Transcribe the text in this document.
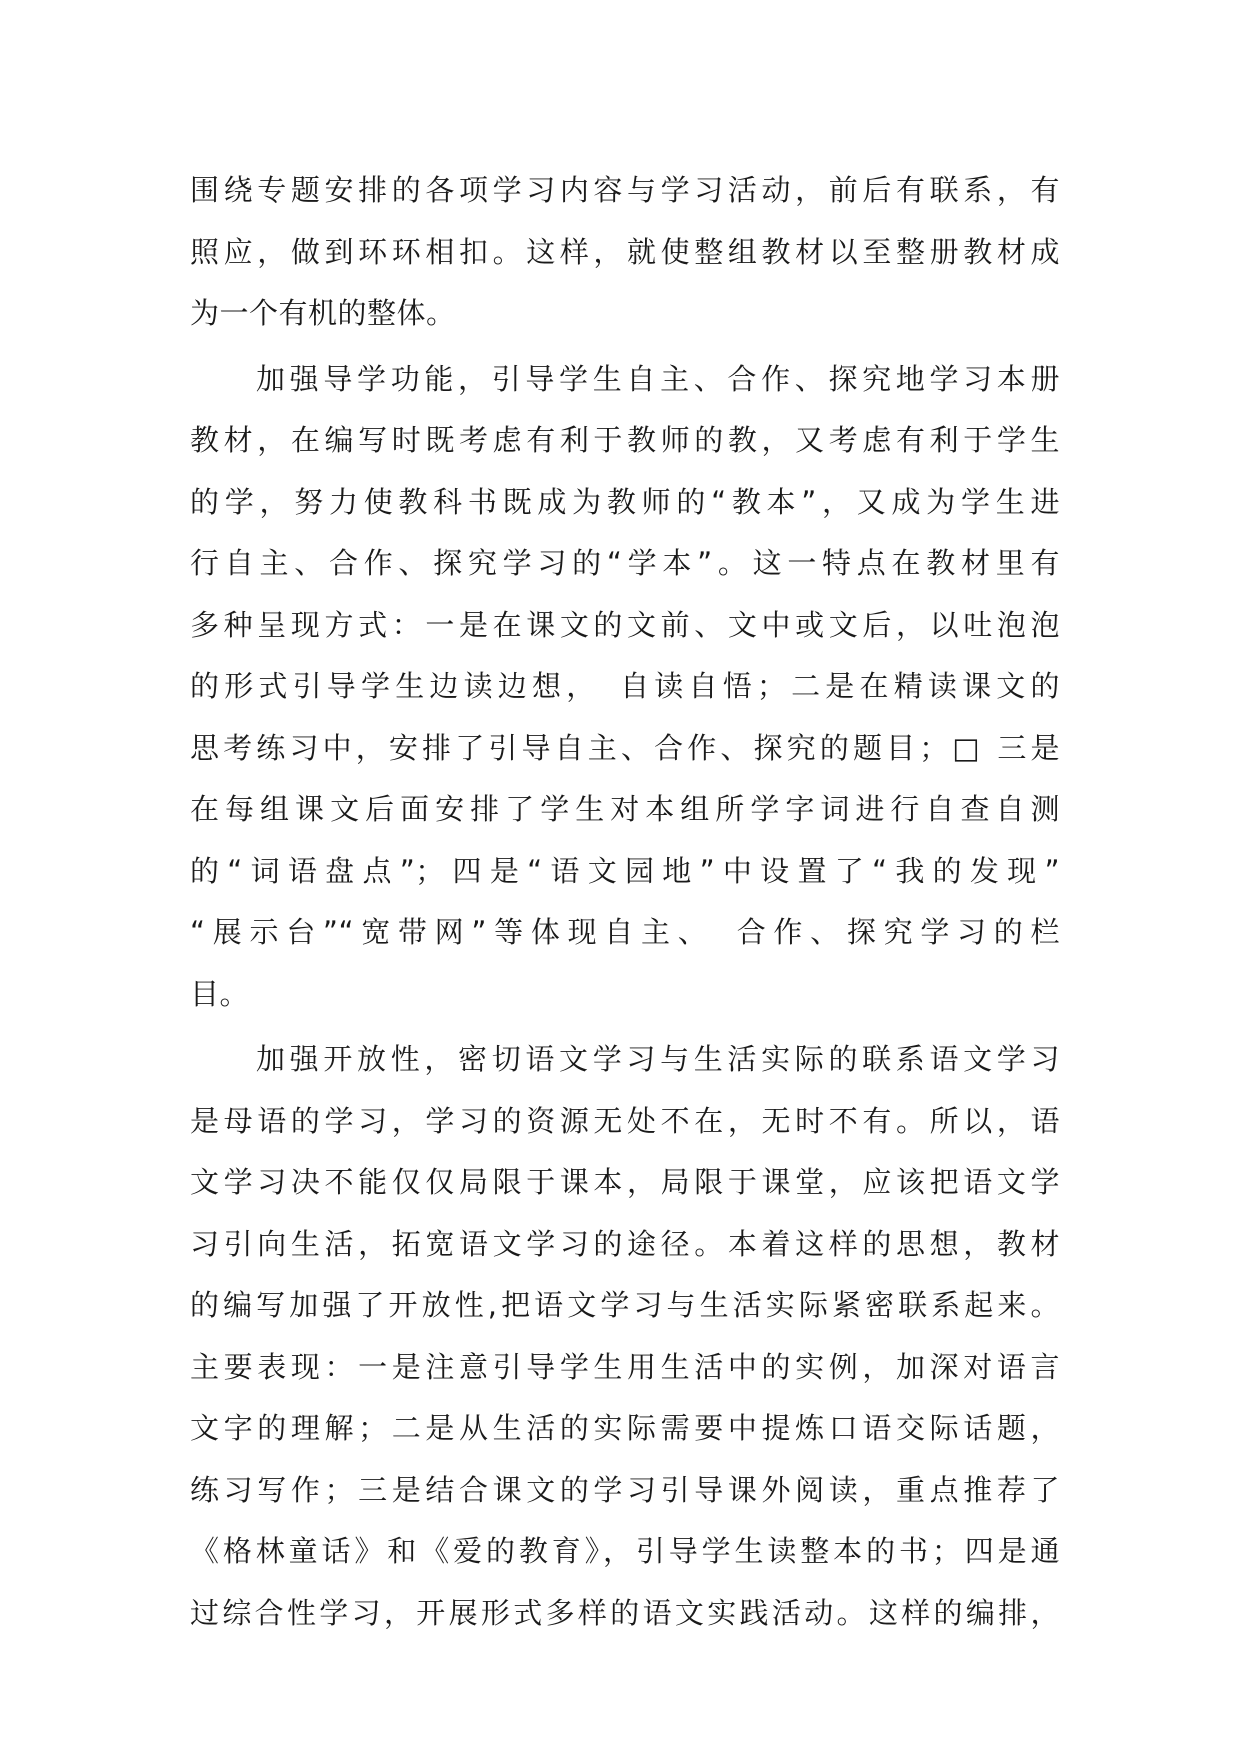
围绕专题安排的各项学习内容与学习活动，前后有联系，有
照应，做到环环相扣。这样，就使整组教材以至整册教材成
为一个有机的整体。
加强导学功能，引导学生自主、合作、探究地学习本册
教材，在编写时既考虑有利于教师的教，又考虑有利于学生
的学，努力使教科书既成为教师的“教本”，又成为学生进
行自主、合作、探究学习的“学本”。这一特点在教材里有
多种呈现方式：一是在课文的文前、文中或文后，以吐泡泡
的形式引导学生边读边想，　自读自悟；二是在精读课文的
思考练习中，安排了引导自主、合作、探究的题目；□ 三是
在每组课文后面安排了学生对本组所学字词进行自查自测
的“词语盘点”；四是“语文园地”中设置了“我的发现”
“展示台”“宽带网”等体现自主、　合作、探究学习的栏
目。
加强开放性，密切语文学习与生活实际的联系语文学习
是母语的学习，学习的资源无处不在，无时不有。所以，语
文学习决不能仅仅局限于课本，局限于课堂，应该把语文学
习引向生活，拓宽语文学习的途径。本着这样的思想，教材
的编写加强了开放性,把语文学习与生活实际紧密联系起来。
主要表现：一是注意引导学生用生活中的实例，加深对语言
文字的理解；二是从生活的实际需要中提炼口语交际话题，
练习写作；三是结合课文的学习引导课外阅读，重点推荐了
《格林童话》和《爱的教育》，引导学生读整本的书；四是通
过综合性学习，开展形式多样的语文实践活动。这样的编排，
